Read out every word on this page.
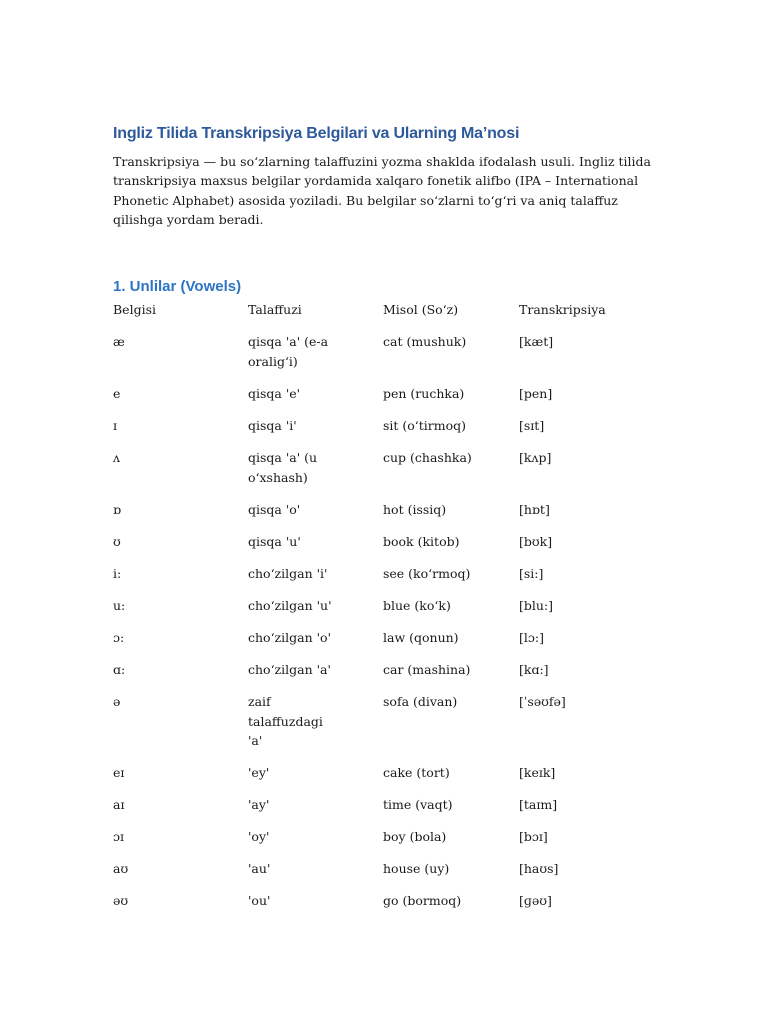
Ingliz Tilida Transkripsiya Belgilari va Ularning Ma’nosi

Transkripsiya — bu so‘zlarning talaffuzini yozma shaklda ifodalash usuli. Ingliz tilida transkripsiya maxsus belgilar yordamida xalqaro fonetik alifbo (IPA – International Phonetic Alphabet) asosida yoziladi. Bu belgilar so‘zlarni to‘g‘ri va aniq talaffuz qilishga yordam beradi.

1. Unlilar (Vowels)
Belgisi	Talaffuzi	Misol (So‘z)	Transkripsiya
æ	qisqa 'a' (e-a oralig‘i)	cat (mushuk)	[kæt]
e	qisqa 'e'	pen (ruchka)	[pen]
ɪ	qisqa 'i'	sit (o‘tirmoq)	[sɪt]
ʌ	qisqa 'a' (u o‘xshash)	cup (chashka)	[kʌp]
ɒ	qisqa 'o'	hot (issiq)	[hɒt]
ʊ	qisqa 'u'	book (kitob)	[bʊk]
i:	cho‘zilgan 'i'	see (ko‘rmoq)	[si:]
u:	cho‘zilgan 'u'	blue (ko‘k)	[blu:]
ɔ:	cho‘zilgan 'o'	law (qonun)	[lɔ:]
ɑ:	cho‘zilgan 'a'	car (mashina)	[kɑ:]
ə	zaif talaffuzdagi 'a'	sofa (divan)	[ˈsəʊfə]
eɪ	'ey'	cake (tort)	[keɪk]
aɪ	'ay'	time (vaqt)	[taɪm]
ɔɪ	'oy'	boy (bola)	[bɔɪ]
aʊ	'au'	house (uy)	[haʊs]
əʊ	'ou'	go (bormoq)	[ɡəʊ]
